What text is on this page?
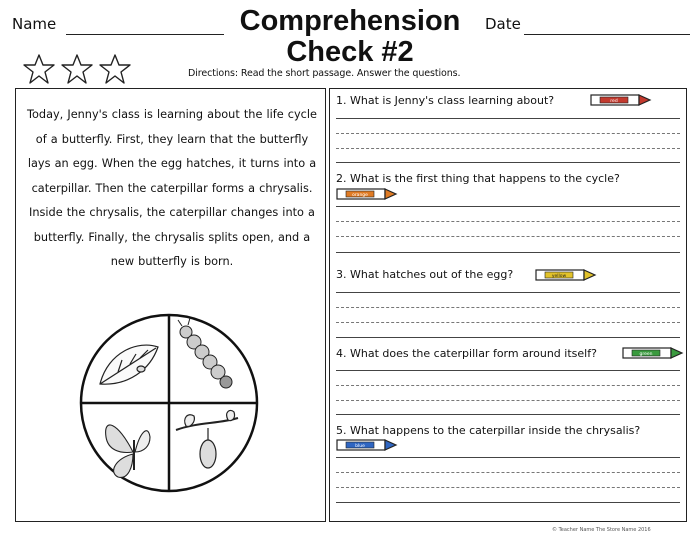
Name	Comprehension
Check #2
Date
Directions: Read the short passage. Answer the questions.
Today, Jenny's class is learning about the life cycle of a butterfly. First, they learn that the butterfly lays an egg. When the egg hatches, it turns into a caterpillar. Then the caterpillar forms a chrysalis. Inside the chrysalis, the caterpillar changes into a butterfly. Finally, the chrysalis splits open, and a new butterfly is born.
1. What is Jenny's class learning about?	red
2. What is the first thing that happens to the cycle?
orange
3. What hatches out of the egg?	yellow
4. What does the caterpillar form around itself?	green
5. What happens to the caterpillar inside the chrysalis?
blue
© Teacher Name The Store Name 2016
